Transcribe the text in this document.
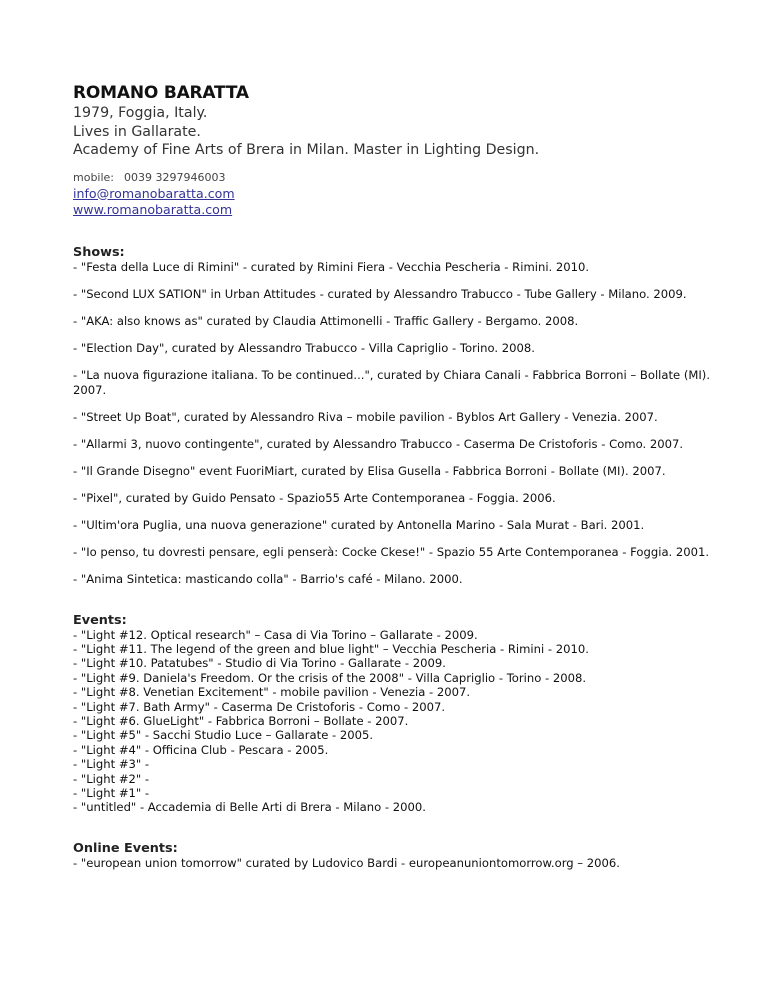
ROMANO BARATTA

1979, Foggia, Italy.

Lives in Gallarate.

Academy of Fine Arts of Brera in Milan. Master in Lighting Design.

mobile: 0039 3297946003
info@romanobaratta.com
www.romanobaratta.com
Shows:

- "Festa della Luce di Rimini" - curated by Rimini Fiera - Vecchia Pescheria - Rimini. 2010.

- "Second LUX SATION" in Urban Attitudes - curated by Alessandro Trabucco - Tube Gallery - Milano. 2009.

- "AKA: also knows as" curated by Claudia Attimonelli - Traffic Gallery - Bergamo. 2008.

- "Election Day", curated by Alessandro Trabucco - Villa Capriglio - Torino. 2008.

- "La nuova figurazione italiana. To be continued...", curated by Chiara Canali - Fabbrica Borroni – Bollate (MI). 2007.

- "Street Up Boat", curated by Alessandro Riva – mobile pavilion - Byblos Art Gallery - Venezia. 2007.

- "Allarmi 3, nuovo contingente", curated by Alessandro Trabucco - Caserma De Cristoforis - Como. 2007.

- "Il Grande Disegno" event FuoriMiart, curated by Elisa Gusella - Fabbrica Borroni - Bollate (MI). 2007.

- "Pixel", curated by Guido Pensato - Spazio55 Arte Contemporanea - Foggia. 2006.

- "Ultim'ora Puglia, una nuova generazione" curated by Antonella Marino - Sala Murat - Bari. 2001.

- "Io penso, tu dovresti pensare, egli penserà: Cocke Ckese!" - Spazio 55 Arte Contemporanea - Foggia. 2001.

- "Anima Sintetica: masticando colla" - Barrio's café - Milano. 2000.

Events:
- "Light #12. Optical research" – Casa di Via Torino – Gallarate - 2009.
- "Light #11. The legend of the green and blue light" – Vecchia Pescheria - Rimini - 2010.
- "Light #10. Patatubes" - Studio di Via Torino - Gallarate - 2009.
- "Light #9. Daniela's Freedom. Or the crisis of the 2008" - Villa Capriglio - Torino - 2008.
- "Light #8. Venetian Excitement" - mobile pavilion - Venezia - 2007.
- "Light #7. Bath Army" - Caserma De Cristoforis - Como - 2007.
- "Light #6. GlueLight" - Fabbrica Borroni – Bollate - 2007.
- "Light #5" - Sacchi Studio Luce – Gallarate - 2005.
- "Light #4" - Officina Club - Pescara - 2005.
- "Light #3" -
- "Light #2" -
- "Light #1" -
- "untitled" - Accademia di Belle Arti di Brera - Milano - 2000.
Online Events:
- "european union tomorrow" curated by Ludovico Bardi - europeanuniontomorrow.org – 2006.
